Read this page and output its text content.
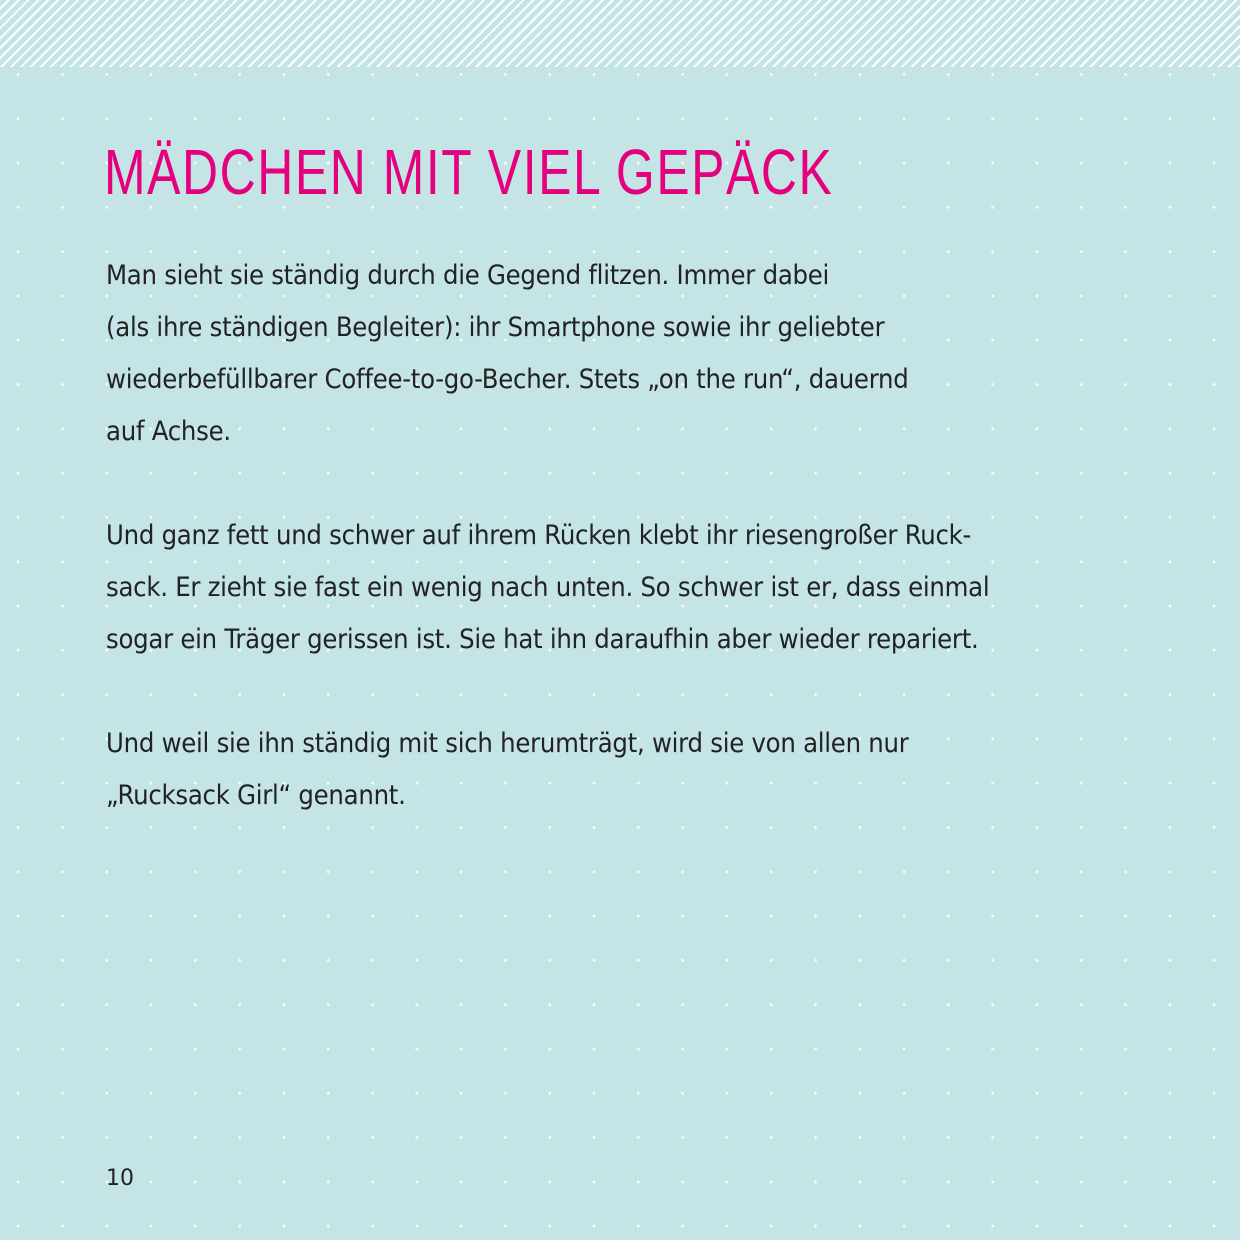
MÄDCHEN MIT VIEL GEPÄCK

Man sieht sie ständig durch die Gegend flitzen. Immer dabei
(als ihre ständigen Begleiter): ihr Smartphone sowie ihr geliebter
wiederbefüllbarer Coffee-to-go-Becher. Stets „on the run“, dauernd
auf Achse.

Und ganz fett und schwer auf ihrem Rücken klebt ihr riesengroßer Ruck-
sack. Er zieht sie fast ein wenig nach unten. So schwer ist er, dass einmal
sogar ein Träger gerissen ist. Sie hat ihn daraufhin aber wieder repariert.

Und weil sie ihn ständig mit sich herumträgt, wird sie von allen nur
„Rucksack Girl“ genannt.

10
